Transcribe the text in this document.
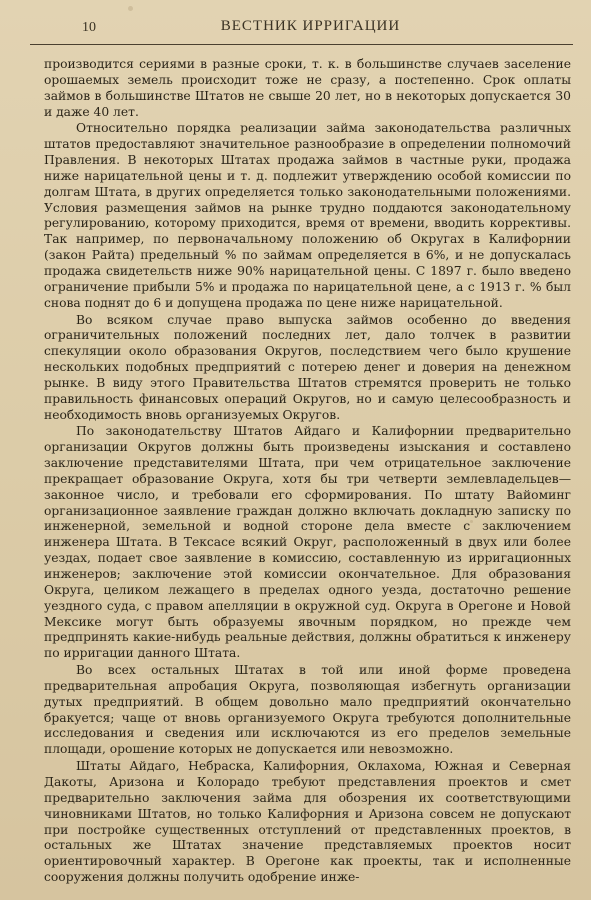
10	ВЕСТНИК ИРРИГАЦИИ

производится сериями в разные сроки, т. к. в большинстве случаев заселение орошаемых земель происходит тоже не сразу, а постепенно. Срок оплаты займов в большинстве Штатов не свыше 20 лет, но в некоторых допускается 30 и даже 40 лет.

Относительно порядка реализации займа законодательства различных штатов предоставляют значительное разнообразие в определении полномочий Правления. В некоторых Штатах продажа займов в частные руки, продажа ниже нарицательной цены и т. д. подлежит утверждению особой комиссии по долгам Штата, в других определяется только законодательными положениями. Условия размещения займов на рынке трудно поддаются законодательному регулированию, которому приходится, время от времени, вводить коррективы. Так например, по первоначальному положению об Округах в Калифорнии (закон Райта) предельный % по займам определяется в 6%, и не допускалась продажа свидетельств ниже 90% нарицательной цены. С 1897 г. было введено ограничение прибыли 5% и продажа по нарицательной цене, а с 1913 г. % был снова поднят до 6 и допущена продажа по цене ниже нарицательной.

Во всяком случае право выпуска займов особенно до введения ограничительных положений последних лет, дало толчек в развитии спекуляции около образования Округов, последствием чего было крушение нескольких подобных предприятий с потерею денег и доверия на денежном рынке. В виду этого Правительства Штатов стремятся проверить не только правильность финансовых операций Округов, но и самую целесообразность и необходимость вновь организуемых Округов.

По законодательству Штатов Айдаго и Калифорнии предварительно организации Округов должны быть произведены изыскания и составлено заключение представителями Штата, при чем отрицательное заключение прекращает образование Округа, хотя бы три четверти землевладельцев—законное число, и требовали его сформирования. По штату Вайоминг организационное заявление граждан должно включать докладную записку по инженерной, земельной и водной стороне дела вместе с заключением инженера Штата. В Тексасе всякий Округ, расположенный в двух или более уездах, подает свое заявление в комиссию, составленную из ирригационных инженеров; заключение этой комиссии окончательное. Для образования Округа, целиком лежащего в пределах одного уезда, достаточно решение уездного суда, с правом апелляции в окружной суд. Округа в Орегоне и Новой Мексике могут быть образуемы явочным порядком, но прежде чем предпринять какие-нибудь реальные действия, должны обратиться к инженеру по ирригации данного Штата.

Во всех остальных Штатах в той или иной форме проведена предварительная апробация Округа, позволяющая избегнуть организации дутых предприятий. В общем довольно мало предприятий окончательно бракуется; чаще от вновь организуемого Округа требуются дополнительные исследования и сведения или исключаются из его пределов земельные площади, орошение которых не допускается или невозможно.

Штаты Айдаго, Небраска, Калифорния, Оклахома, Южная и Северная Дакоты, Аризона и Колорадо требуют представления проектов и смет предварительно заключения займа для обозрения их соответствующими чиновниками Штатов, но только Калифорния и Аризона совсем не допускают при постройке существенных отступлений от представленных проектов, в остальных же Штатах значение представляемых проектов носит ориентировочный характер. В Орегоне как проекты, так и исполненные сооружения должны получить одобрение инже-
